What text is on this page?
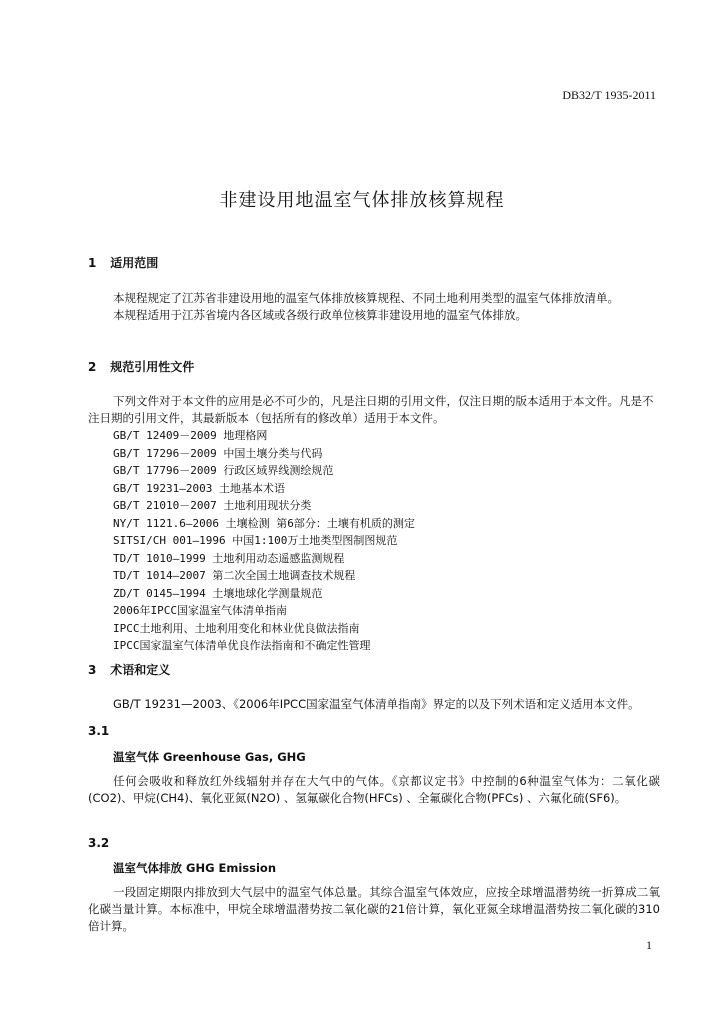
DB32/T 1935-2011
非建设用地温室气体排放核算规程
1 适用范围

本规程规定了江苏省非建设用地的温室气体排放核算规程、不同土地利用类型的温室气体排放清单。

本规程适用于江苏省境内各区域或各级行政单位核算非建设用地的温室气体排放。

2 规范引用性文件

下列文件对于本文件的应用是必不可少的，凡是注日期的引用文件，仅注日期的版本适用于本文件。凡是不注日期的引用文件，其最新版本（包括所有的修改单）适用于本文件。

GB/T 12409－2009 地理格网
GB/T 17296－2009 中国土壤分类与代码
GB/T 17796－2009 行政区域界线测绘规范
GB/T 19231—2003 土地基本术语
GB/T 21010－2007 土地利用现状分类
NY/T 1121.6—2006 土壤检测 第6部分：土壤有机质的测定
SITSI/CH 001—1996 中国1:100万土地类型图制图规范
TD/T 1010—1999 土地利用动态遥感监测规程
TD/T 1014—2007 第二次全国土地调查技术规程
ZD/T 0145—1994 土壤地球化学测量规范
2006年IPCC国家温室气体清单指南
IPCC土地利用、土地利用变化和林业优良做法指南
IPCC国家温室气体清单优良作法指南和不确定性管理
3 术语和定义

GB/T 19231—2003、《2006年IPCC国家温室气体清单指南》界定的以及下列术语和定义适用本文件。

3.1
温室气体 Greenhouse Gas, GHG

任何会吸收和释放红外线辐射并存在大气中的气体。《京都议定书》中控制的6种温室气体为：二氧化碳(CO2)、甲烷(CH4)、氧化亚氮(N2O) 、氢氟碳化合物(HFCs) 、全氟碳化合物(PFCs) 、六氟化硫(SF6)。

3.2
温室气体排放 GHG Emission

一段固定期限内排放到大气层中的温室气体总量。其综合温室气体效应，应按全球增温潜势统一折算成二氧化碳当量计算。本标准中，甲烷全球增温潜势按二氧化碳的21倍计算，氧化亚氮全球增温潜势按二氧化碳的310倍计算。

1
